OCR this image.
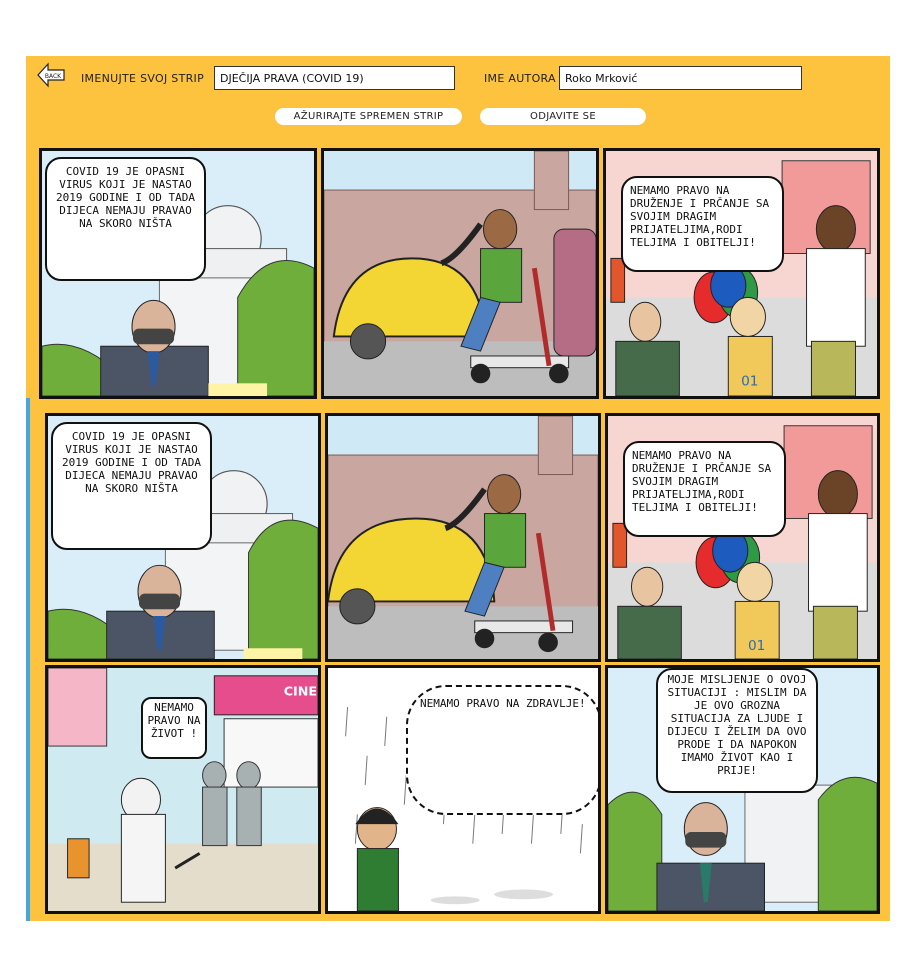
BACK IMENUJTE SVOJ STRIP
DJEČIJA PRAVA (COVID 19)	IME AUTORA
Roko Mrković
AŽURIRAJTE SPREMEN STRIP	ODJAVITE SE
COVID 19 JE OPASNI VIRUS KOJI JE NASTAO 2019 GODINE I OD TADA DIJECA NEMAJU PRAVAO NA SKORO NIŠTA
01
NEMAMO PRAVO NA DRUŽENJE I PRČANJE SA SVOJIM DRAGIM PRIJATELJIMA,RODI TELJIMA I OBITELJI!
COVID 19 JE OPASNI VIRUS KOJI JE NASTAO 2019 GODINE I OD TADA DIJECA NEMAJU PRAVAO NA SKORO NIŠTA
01
NEMAMO PRAVO NA DRUŽENJE I PRČANJE SA SVOJIM DRAGIM PRIJATELJIMA,RODI TELJIMA I OBITELJI!
CINE
NEMAMO PRAVO NA ŽIVOT !
NEMAMO PRAVO NA ZDRAVLJE!
MOJE MISLJENJE O OVOJ SITUACIJI : MISLIM DA JE OVO GROZNA SITUACIJA ZA LJUDE I DIJECU I ŽELIM DA OVO PRODE I DA NAPOKON IMAMO ŽIVOT KAO I PRIJE!
